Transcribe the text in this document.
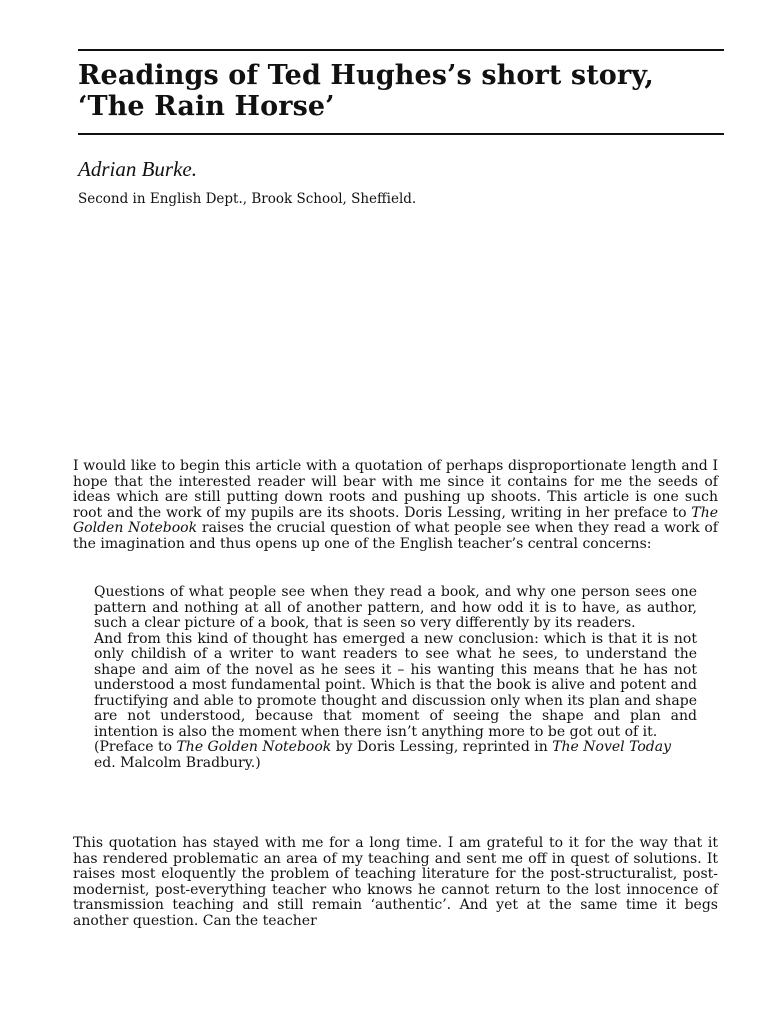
Readings of Ted Hughes’s short story, ‘The Rain Horse’

Adrian Burke.

Second in English Dept., Brook School, Sheffield.

I would like to begin this article with a quotation of perhaps disproportionate length and I hope that the interested reader will bear with me since it contains for me the seeds of ideas which are still putting down roots and pushing up shoots. This article is one such root and the work of my pupils are its shoots. Doris Lessing, writing in her preface to The Golden Notebook raises the crucial question of what people see when they read a work of the imagination and thus opens up one of the English teacher’s central concerns:

Questions of what people see when they read a book, and why one person sees one pattern and nothing at all of another pattern, and how odd it is to have, as author, such a clear picture of a book, that is seen so very differently by its readers.

And from this kind of thought has emerged a new conclusion: which is that it is not only childish of a writer to want readers to see what he sees, to understand the shape and aim of the novel as he sees it – his wanting this means that he has not understood a most fundamental point. Which is that the book is alive and potent and fructifying and able to promote thought and discussion only when its plan and shape are not understood, because that moment of seeing the shape and plan and intention is also the moment when there isn’t anything more to be got out of it.

(Preface to The Golden Notebook by Doris Lessing, reprinted in The Novel Today ed. Malcolm Bradbury.)

This quotation has stayed with me for a long time. I am grateful to it for the way that it has rendered problematic an area of my teaching and sent me off in quest of solutions. It raises most eloquently the problem of teaching literature for the post-structuralist, post-modernist, post-everything teacher who knows he cannot return to the lost innocence of transmission teaching and still remain ‘authentic’. And yet at the same time it begs another question. Can the teacher
